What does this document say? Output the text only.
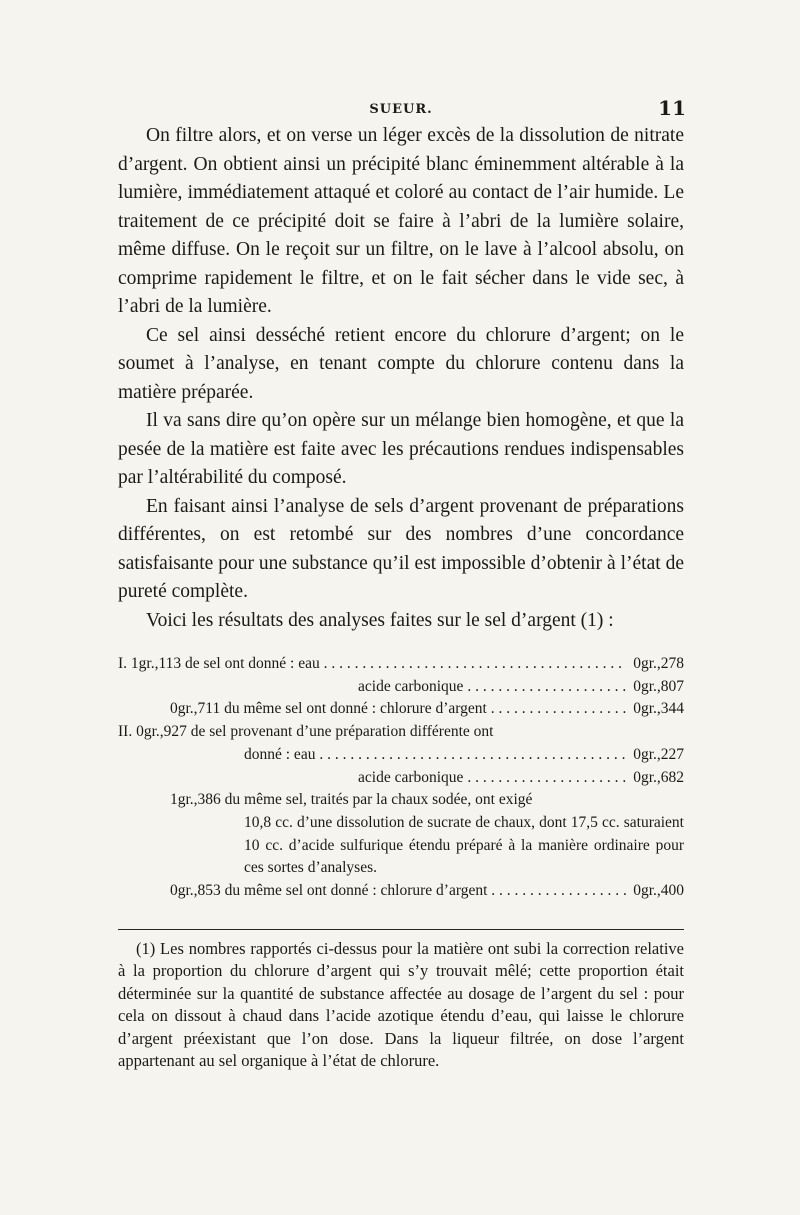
SUEUR.	11

On filtre alors, et on verse un léger excès de la dissolution de nitrate d’argent. On obtient ainsi un précipité blanc éminemment altérable à la lumière, immédiatement attaqué et coloré au contact de l’air humide. Le traitement de ce précipité doit se faire à l’abri de la lumière solaire, même diffuse. On le reçoit sur un filtre, on le lave à l’alcool absolu, on comprime rapidement le filtre, et on le fait sécher dans le vide sec, à l’abri de la lumière.

Ce sel ainsi desséché retient encore du chlorure d’argent; on le soumet à l’analyse, en tenant compte du chlorure contenu dans la matière préparée.

Il va sans dire qu’on opère sur un mélange bien homogène, et que la pesée de la matière est faite avec les précautions rendues indispensables par l’altérabilité du composé.

En faisant ainsi l’analyse de sels d’argent provenant de préparations différentes, on est retombé sur des nombres d’une concordance satisfaisante pour une substance qu’il est impossible d’obtenir à l’état de pureté complète.

Voici les résultats des analyses faites sur le sel d’argent (1) :

I. 1gr.,113 de sel ont donné : eau . . .	0gr.,278
acide carbonique . . .	0gr.,807
0gr.,711 du même sel ont donné : chlorure d’argent . . .	0gr.,344
II. 0gr.,927 de sel provenant d’une préparation différente ont
donné : eau . . .	0gr.,227
acide carbonique . . .	0gr.,682
1gr.,386 du même sel, traités par la chaux sodée, ont exigé
10,8 cc. d’une dissolution de sucrate de chaux, dont 17,5 cc. saturaient 10 cc. d’acide sulfurique étendu préparé à la manière ordinaire pour ces sortes d’analyses.
0gr.,853 du même sel ont donné : chlorure d’argent . . .	0gr.,400

(1) Les nombres rapportés ci-dessus pour la matière ont subi la correction relative à la proportion du chlorure d’argent qui s’y trouvait mêlé; cette proportion était déterminée sur la quantité de substance affectée au dosage de l’argent du sel : pour cela on dissout à chaud dans l’acide azotique étendu d’eau, qui laisse le chlorure d’argent préexistant que l’on dose. Dans la liqueur filtrée, on dose l’argent appartenant au sel organique à l’état de chlorure.
